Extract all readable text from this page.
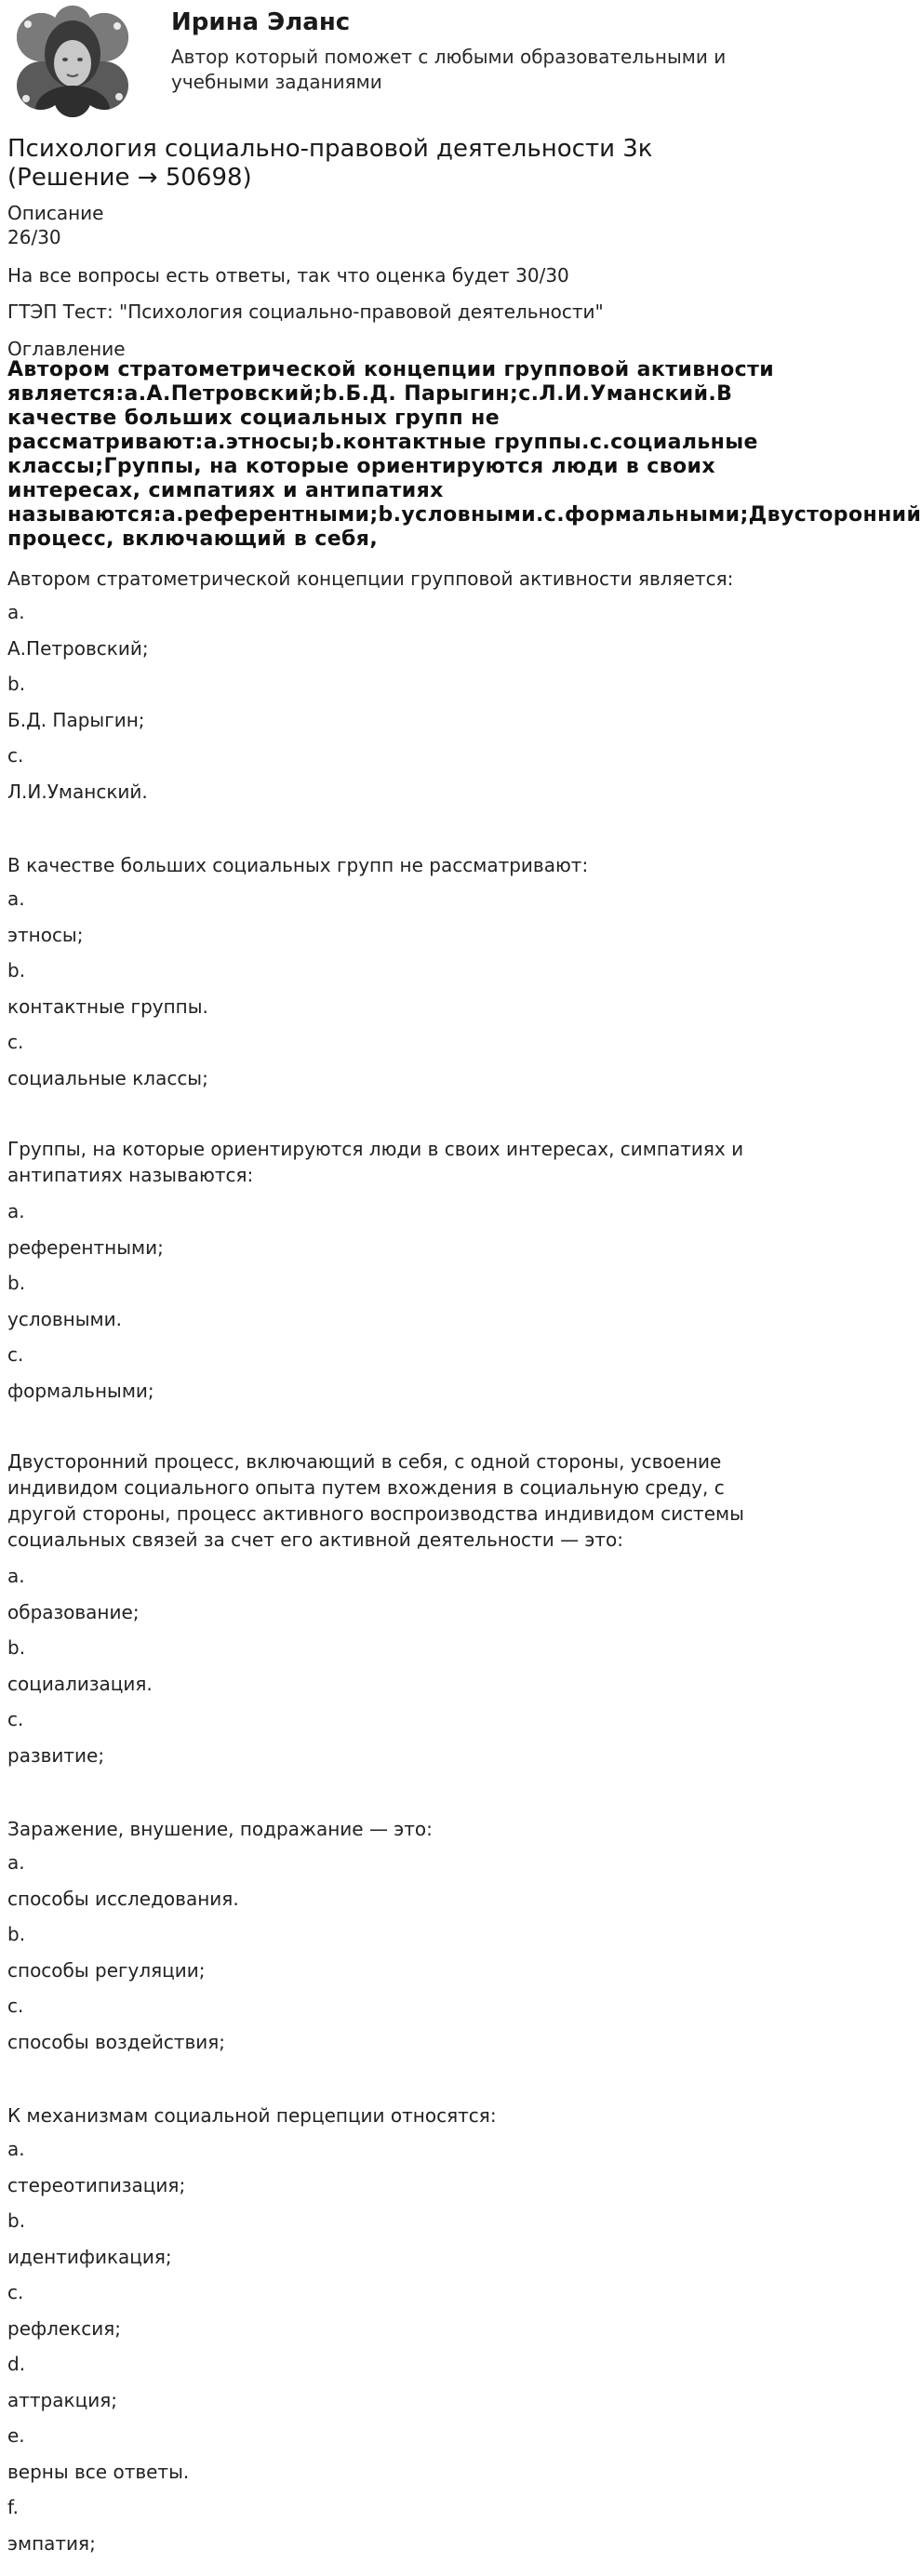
Ирина Эланс
Автор который поможет с любыми образовательными и учебными заданиями
Психология социально-правовой деятельности 3к (Решение → 50698)
Описание
26/30
На все вопросы есть ответы, так что оценка будет 30/30
ГТЭП Тест: "Психология социально-правовой деятельности"
Оглавление
Автором стратометрической концепции групповой активности
является:a.А.Петровский;b.Б.Д. Парыгин;c.Л.И.Уманский.В
качестве больших социальных групп не
рассматривают:a.этносы;b.контактные группы.c.социальные
классы;Группы, на которые ориентируются люди в своих
интересах, симпатиях и антипатиях
называются:a.референтными;b.условными.c.формальными;Двусторонний
процесс, включающий в себя,
Автором стратометрической концепции групповой активности является:
a.
А.Петровский;
b.
Б.Д. Парыгин;
c.
Л.И.Уманский.
В качестве больших социальных групп не рассматривают:
a.
этносы;
b.
контактные группы.
c.
социальные классы;
Группы, на которые ориентируются люди в своих интересах, симпатиях и антипатиях называются:
a.
референтными;
b.
условными.
c.
формальными;
Двусторонний процесс, включающий в себя, с одной стороны, усвоение индивидом социального опыта путем вхождения в социальную среду, с другой стороны, процесс активного воспроизводства индивидом системы социальных связей за счет его активной деятельности — это:
a.
образование;
b.
социализация.
c.
развитие;
Заражение, внушение, подражание — это:
a.
способы исследования.
b.
способы регуляции;
c.
способы воздействия;
К механизмам социальной перцепции относятся:
a.
стереотипизация;
b.
идентификация;
c.
рефлексия;
d.
аттракция;
e.
верны все ответы.
f.
эмпатия;
